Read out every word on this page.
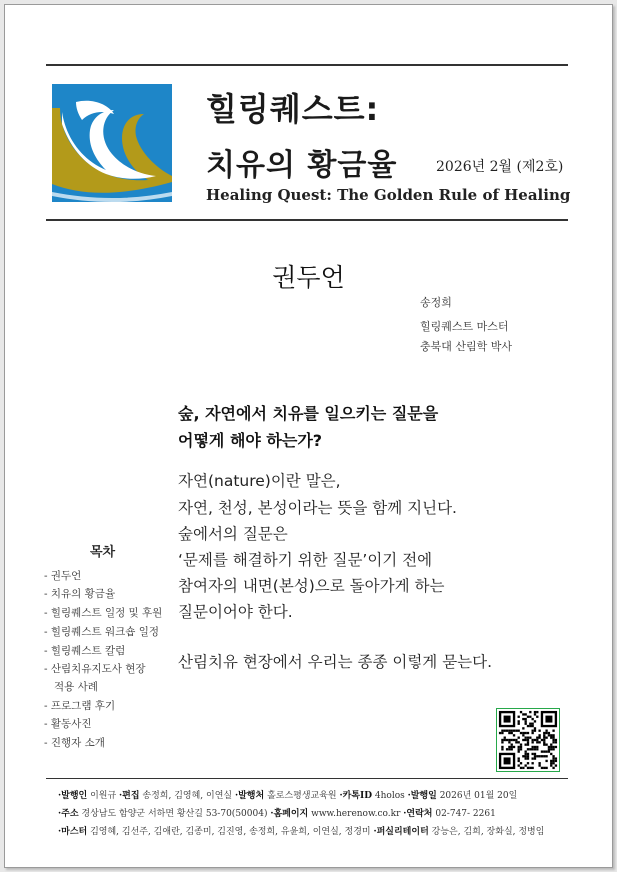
힐링퀘스트:
치유의 황금율	2026년 2월 (제2호)
Healing Quest: The Golden Rule of Healing
권두언
송정희
힐링퀘스트 마스터
충북대 산림학 박사
숲, 자연에서 치유를 일으키는 질문을
어떻게 해야 하는가?
자연(nature)이란 말은,
자연, 천성, 본성이라는 뜻을 함께 지닌다.
숲에서의 질문은
‘문제를 해결하기 위한 질문’이기 전에
참여자의 내면(본성)으로 돌아가게 하는
질문이어야 한다.
산림치유 현장에서 우리는 종종 이렇게 묻는다.
목차
- 권두언
- 치유의 황금율
- 힐링퀘스트 일정 및 후원
- 힐링퀘스트 워크숍 일정
- 힐링퀘스트 칼럼
- 산림치유지도사 현장
적용 사례
- 프로그램 후기
- 활동사진
- 진행자 소개
·발행인 이원규 ·편집 송정희, 김영혜, 이연실 ·발행처 홀로스평생교육원 ·카톡ID 4holos ·발행일 2026년 01월 20일
·주소 경상남도 함양군 서하면 황산길 53-70(50004) ·홈페이지 www.herenow.co.kr ·연락처 02-747- 2261
·마스터 김영혜, 김선주, 김애란, 김종미, 김진영, 송정희, 유윤희, 이연실, 정경미 ·퍼실리테이터 강능은, 김희, 장화실, 정병임
